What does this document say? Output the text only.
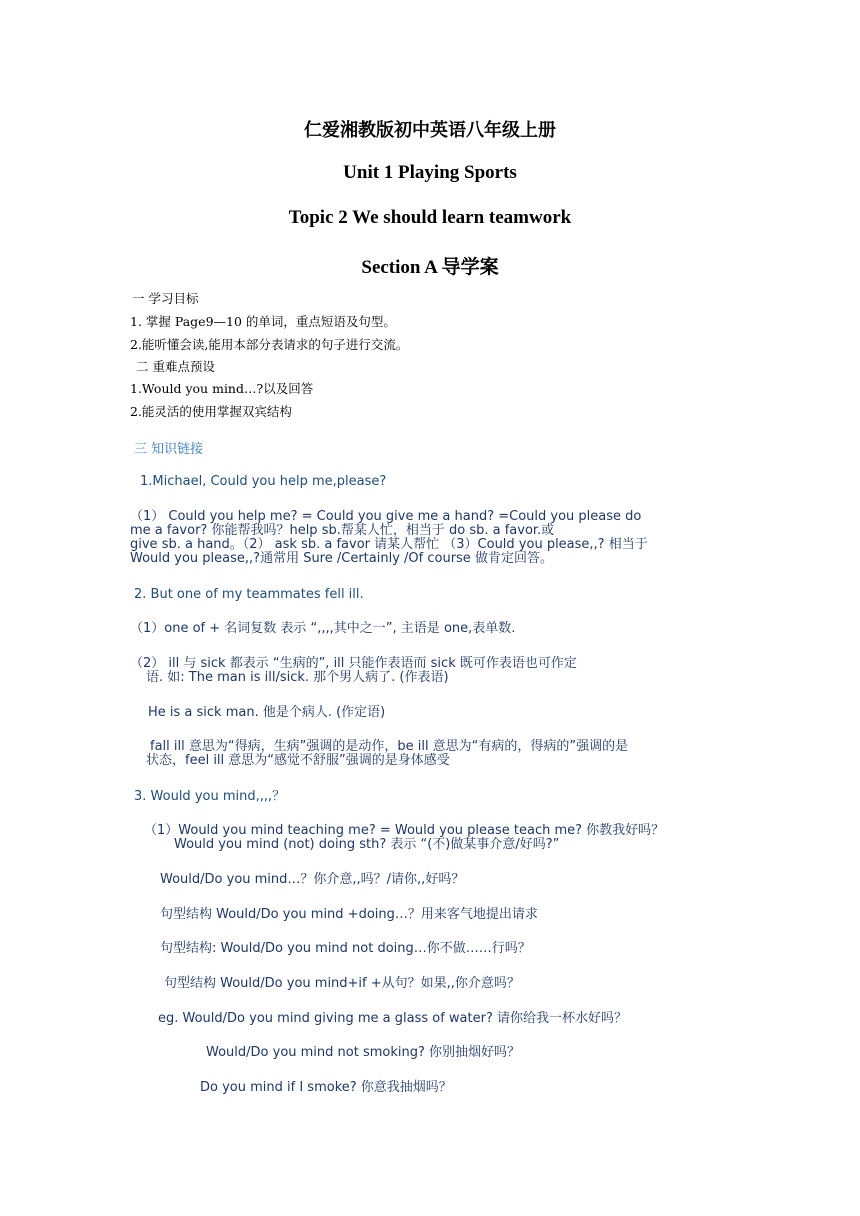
仁爱湘教版初中英语八年级上册
Unit 1 Playing Sports
Topic 2 We should learn teamwork
Section A 导学案
一 学习目标
1. 掌握 Page9—10 的单词，重点短语及句型。
2.能听懂会读,能用本部分表请求的句子进行交流。
二 重难点预设
1.Would you mind…?以及回答
2.能灵活的使用掌握双宾结构
三 知识链接
1.Michael, Could you help me,please?
（1） Could you help me? = Could you give me a hand? =Could you please do
me a favor? 你能帮我吗？help sb.帮某人忙，相当于 do sb. a favor.或
give sb. a hand。（2） ask sb. a favor 请某人帮忙 （3）Could you please,,? 相当于
Would you please,,?通常用 Sure /Certainly /Of course 做肯定回答。
2. But one of my teammates fell ill.
（1）one of + 名词复数 表示 “,,,,其中之一”, 主语是 one,表单数.
（2） ill 与 sick 都表示 “生病的”, ill 只能作表语而 sick 既可作表语也可作定
语. 如: The man is ill/sick. 那个男人病了. (作表语)
He is a sick man. 他是个病人. (作定语)
fall ill 意思为“得病，生病”强调的是动作，be ill 意思为“有病的，得病的”强调的是
状态，feel ill 意思为“感觉不舒服”强调的是身体感受
3. Would you mind,,,,？
（1）Would you mind teaching me? = Would you please teach me? 你教我好吗？
Would you mind (not) doing sth? 表示 “(不)做某事介意/好吗?”
Would/Do you mind…？你介意,,吗？/请你,,好吗？
句型结构 Would/Do you mind +doing…？用来客气地提出请求
句型结构: Would/Do you mind not doing…你不做……行吗？
句型结构 Would/Do you mind+if +从句？如果,,你介意吗？
eg. Would/Do you mind giving me a glass of water? 请你给我一杯水好吗？
Would/Do you mind not smoking? 你别抽烟好吗？
Do you mind if I smoke? 你意我抽烟吗？
